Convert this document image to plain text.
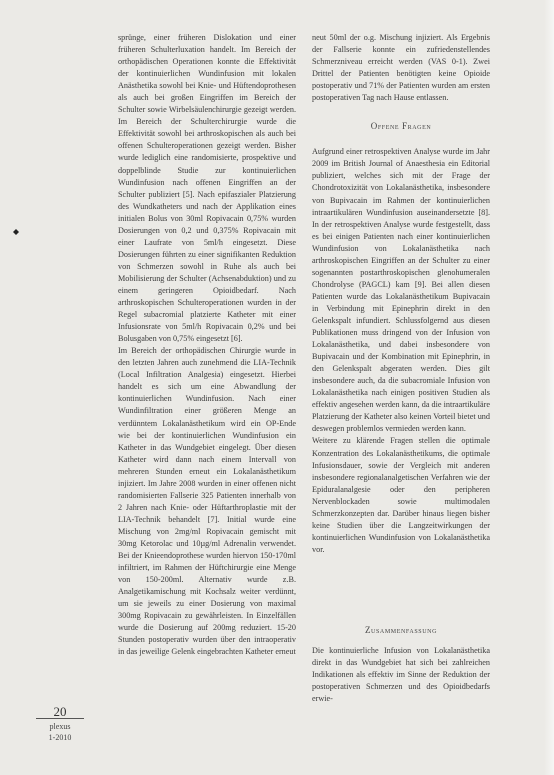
sprünge, einer früheren Dislokation und einer früheren Schulterluxation handelt. Im Bereich der orthopädischen Operationen konnte die Effektivität der kontinuierlichen Wundinfusion mit lokalen Anästhetika sowohl bei Knie- und Hüftendoprothesen als auch bei großen Eingriffen im Bereich der Schulter sowie Wirbelsäulenchirurgie gezeigt werden. Im Bereich der Schulterchirurgie wurde die Effektivität sowohl bei arthroskopischen als auch bei offenen Schulteroperationen gezeigt werden. Bisher wurde lediglich eine randomisierte, prospektive und doppelblinde Studie zur kontinuierlichen Wundinfusion nach offenen Eingriffen an der Schulter publiziert [5]. Nach epifaszialer Platzierung des Wundkatheters und nach der Applikation eines initialen Bolus von 30ml Ropivacain 0,75% wurden Dosierungen von 0,2 und 0,375% Ropivacain mit einer Laufrate von 5ml/h eingesetzt. Diese Dosierungen führten zu einer signifikanten Reduktion von Schmerzen sowohl in Ruhe als auch bei Mobilisierung der Schulter (Achsenabduktion) und zu einem geringeren Opioidbedarf. Nach arthroskopischen Schulteroperationen wurden in der Regel subacromial platzierte Katheter mit einer Infusionsrate von 5ml/h Ropivacain 0,2% und bei Bolusgaben von 0,75% eingesetzt [6].

Im Bereich der orthopädischen Chirurgie wurde in den letzten Jahren auch zunehmend die LIA-Technik (Local Infiltration Analgesia) eingesetzt. Hierbei handelt es sich um eine Abwandlung der kontinuierlichen Wundinfusion. Nach einer Wundinfiltration einer größeren Menge an verdünntem Lokalanästhetikum wird ein OP-Ende wie bei der kontinuierlichen Wundinfusion ein Katheter in das Wundgebiet eingelegt. Über diesen Katheter wird dann nach einem Intervall von mehreren Stunden erneut ein Lokalanästhetikum injiziert. Im Jahre 2008 wurden in einer offenen nicht randomisierten Fallserie 325 Patienten innerhalb von 2 Jahren nach Knie- oder Hüftarthroplastie mit der LIA-Technik behandelt [7]. Initial wurde eine Mischung von 2mg/ml Ropivacain gemischt mit 30mg Ketorolac und 10µg/ml Adrenalin verwendet. Bei der Knieendoprothese wurden hiervon 150-170ml infiltriert, im Rahmen der Hüftchirurgie eine Menge von 150-200ml. Alternativ wurde z.B. Analgetikamischung mit Kochsalz weiter verdünnt, um sie jeweils zu einer Dosierung von maximal 300mg Ropivacain zu gewährleisten. In Einzelfällen wurde die Dosierung auf 200mg reduziert. 15-20 Stunden postoperativ wurden über den intraoperativ in das jeweilige Gelenk eingebrachten Katheter erneut

neut 50ml der o.g. Mischung injiziert. Als Ergebnis der Fallserie konnte ein zufriedenstellendes Schmerzniveau erreicht werden (VAS 0-1). Zwei Drittel der Patienten benötigten keine Opioide postoperativ und 71% der Patienten wurden am ersten postoperativen Tag nach Hause entlassen.

Offene Fragen

Aufgrund einer retrospektiven Analyse wurde im Jahr 2009 im British Journal of Anaesthesia ein Editorial publiziert, welches sich mit der Frage der Chondrotoxizität von Lokalanästhetika, insbesondere von Bupivacain im Rahmen der kontinuierlichen intraartikulären Wundinfusion auseinandersetzte [8]. In der retrospektiven Analyse wurde festgestellt, dass es bei einigen Patienten nach einer kontinuierlichen Wundinfusion von Lokalanästhetika nach arthroskopischen Eingriffen an der Schulter zu einer sogenannten postarthroskopischen glenohumeralen Chondrolyse (PAGCL) kam [9]. Bei allen diesen Patienten wurde das Lokalanästhetikum Bupivacain in Verbindung mit Epinephrin direkt in den Gelenkspalt infundiert. Schlussfolgernd aus diesen Publikationen muss dringend von der Infusion von Lokalanästhetika, und dabei insbesondere von Bupivacain und der Kombination mit Epinephrin, in den Gelenkspalt abgeraten werden. Dies gilt insbesondere auch, da die subacromiale Infusion von Lokalanästhetika nach einigen positiven Studien als effektiv angesehen werden kann, da die intraartikuläre Platzierung der Katheter also keinen Vorteil bietet und deswegen problemlos vermieden werden kann.

Weitere zu klärende Fragen stellen die optimale Konzentration des Lokalanästhetikums, die optimale Infusionsdauer, sowie der Vergleich mit anderen insbesondere regionalanalgetischen Verfahren wie der Epiduralanalgesie oder den peripheren Nervenblockaden sowie multimodalen Schmerzkonzepten dar. Darüber hinaus liegen bisher keine Studien über die Langzeitwirkungen der kontinuierlichen Wundinfusion von Lokalanästhetika vor.

Zusammenfassung

Die kontinuierliche Infusion von Lokalanästhetika direkt in das Wundgebiet hat sich bei zahlreichen Indikationen als effektiv im Sinne der Reduktion der postoperativen Schmerzen und des Opioidbedarfs erwie-

20
plexus
1-2010
